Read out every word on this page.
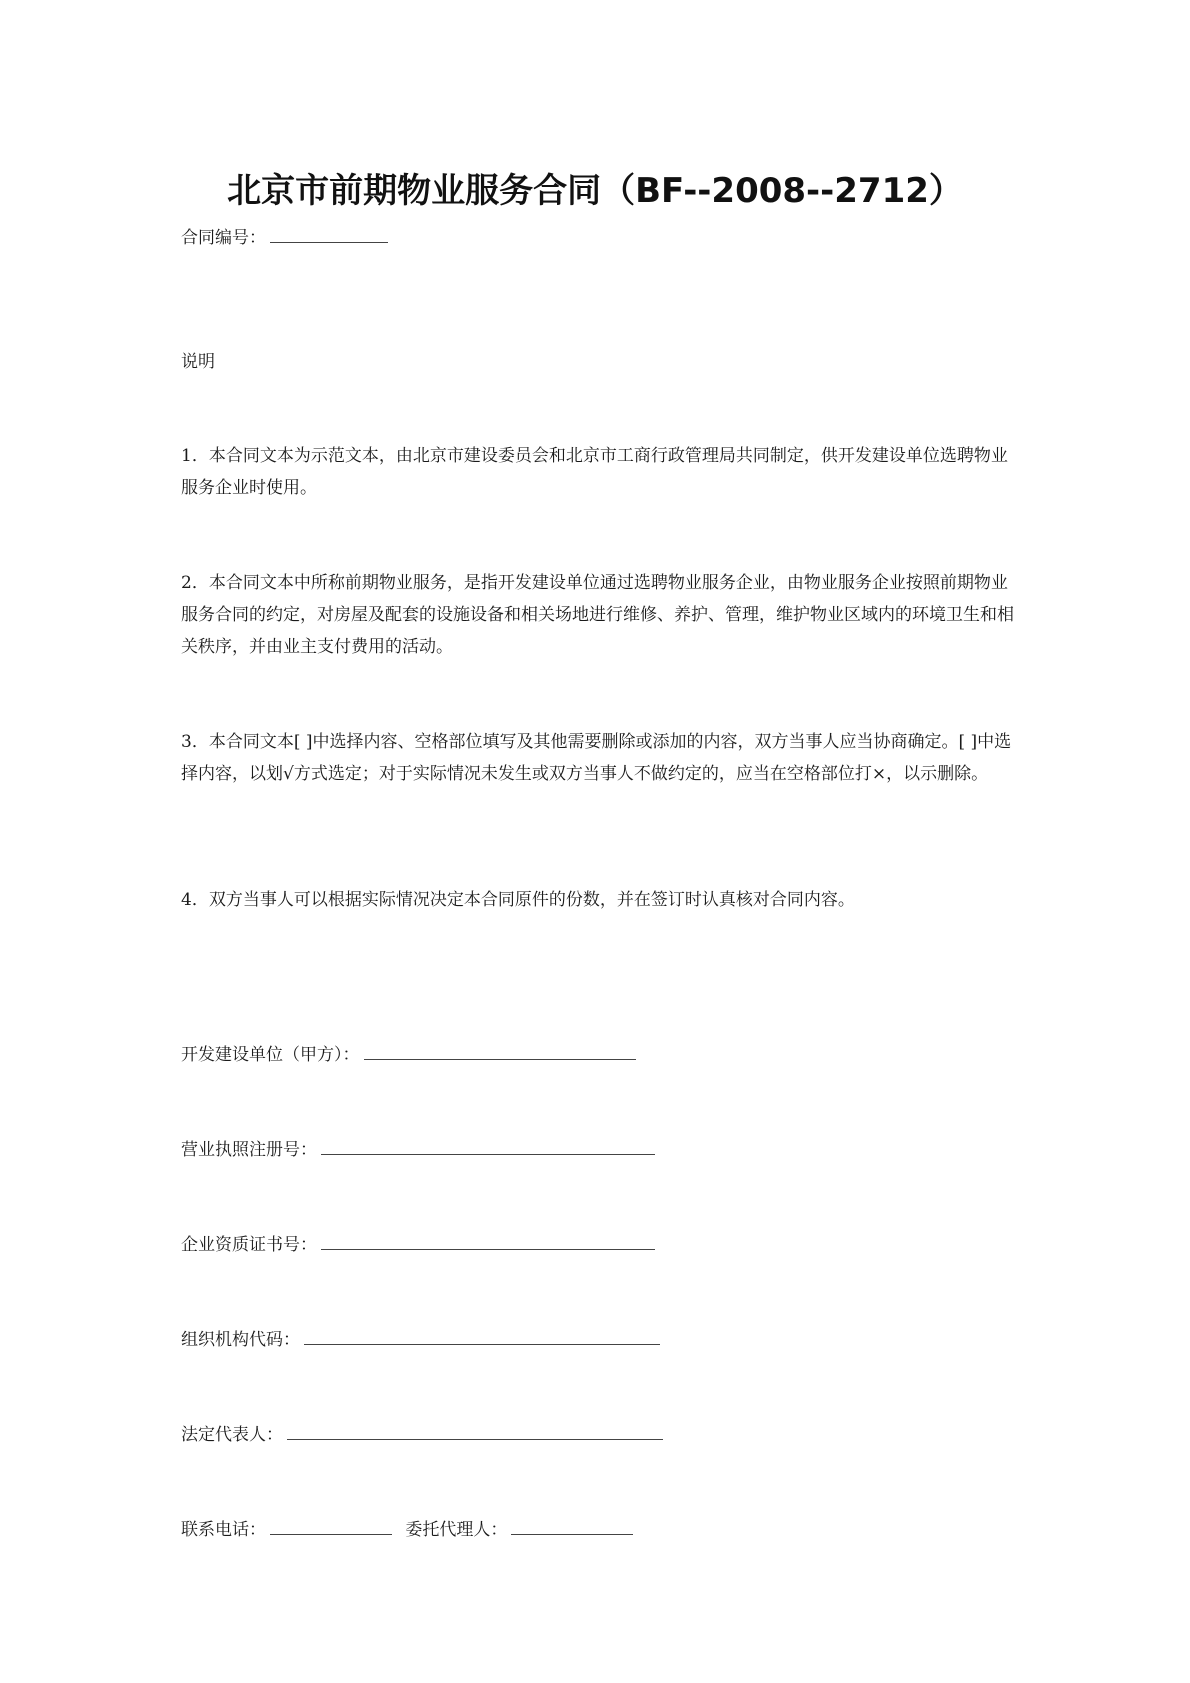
北京市前期物业服务合同（BF--2008--2712）
合同编号：
说明
1．本合同文本为示范文本，由北京市建设委员会和北京市工商行政管理局共同制定，供开发建设单位选聘物业服务企业时使用。
2．本合同文本中所称前期物业服务，是指开发建设单位通过选聘物业服务企业，由物业服务企业按照前期物业服务合同的约定，对房屋及配套的设施设备和相关场地进行维修、养护、管理，维护物业区域内的环境卫生和相关秩序，并由业主支付费用的活动。
3．本合同文本[ ]中选择内容、空格部位填写及其他需要删除或添加的内容，双方当事人应当协商确定。[ ]中选择内容，以划√方式选定；对于实际情况未发生或双方当事人不做约定的，应当在空格部位打×，以示删除。
4．双方当事人可以根据实际情况决定本合同原件的份数，并在签订时认真核对合同内容。
开发建设单位（甲方）：
营业执照注册号：
企业资质证书号：
组织机构代码：
法定代表人：
联系电话：	委托代理人：
